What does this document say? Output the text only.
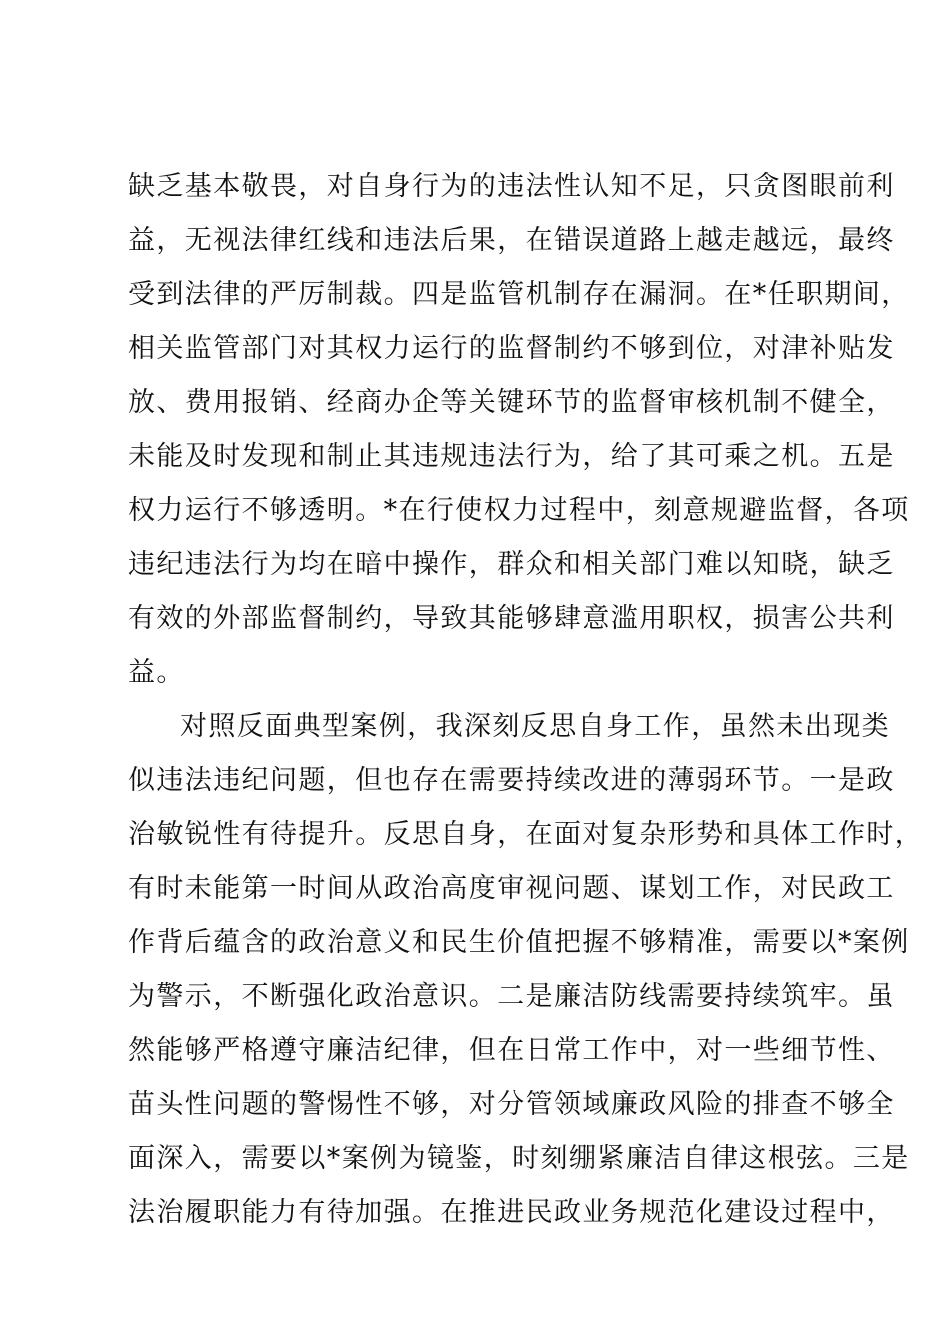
缺乏基本敬畏，对自身行为的违法性认知不足，只贪图眼前利
益，无视法律红线和违法后果，在错误道路上越走越远，最终
受到法律的严厉制裁。四是监管机制存在漏洞。在*任职期间，
相关监管部门对其权力运行的监督制约不够到位，对津补贴发
放、费用报销、经商办企等关键环节的监督审核机制不健全，
未能及时发现和制止其违规违法行为，给了其可乘之机。五是
权力运行不够透明。*在行使权力过程中，刻意规避监督，各项
违纪违法行为均在暗中操作，群众和相关部门难以知晓，缺乏
有效的外部监督制约，导致其能够肆意滥用职权，损害公共利
益。
对照反面典型案例，我深刻反思自身工作，虽然未出现类
似违法违纪问题，但也存在需要持续改进的薄弱环节。一是政
治敏锐性有待提升。反思自身，在面对复杂形势和具体工作时，
有时未能第一时间从政治高度审视问题、谋划工作，对民政工
作背后蕴含的政治意义和民生价值把握不够精准，需要以*案例
为警示，不断强化政治意识。二是廉洁防线需要持续筑牢。虽
然能够严格遵守廉洁纪律，但在日常工作中，对一些细节性、
苗头性问题的警惕性不够，对分管领域廉政风险的排查不够全
面深入，需要以*案例为镜鉴，时刻绷紧廉洁自律这根弦。三是
法治履职能力有待加强。在推进民政业务规范化建设过程中，
